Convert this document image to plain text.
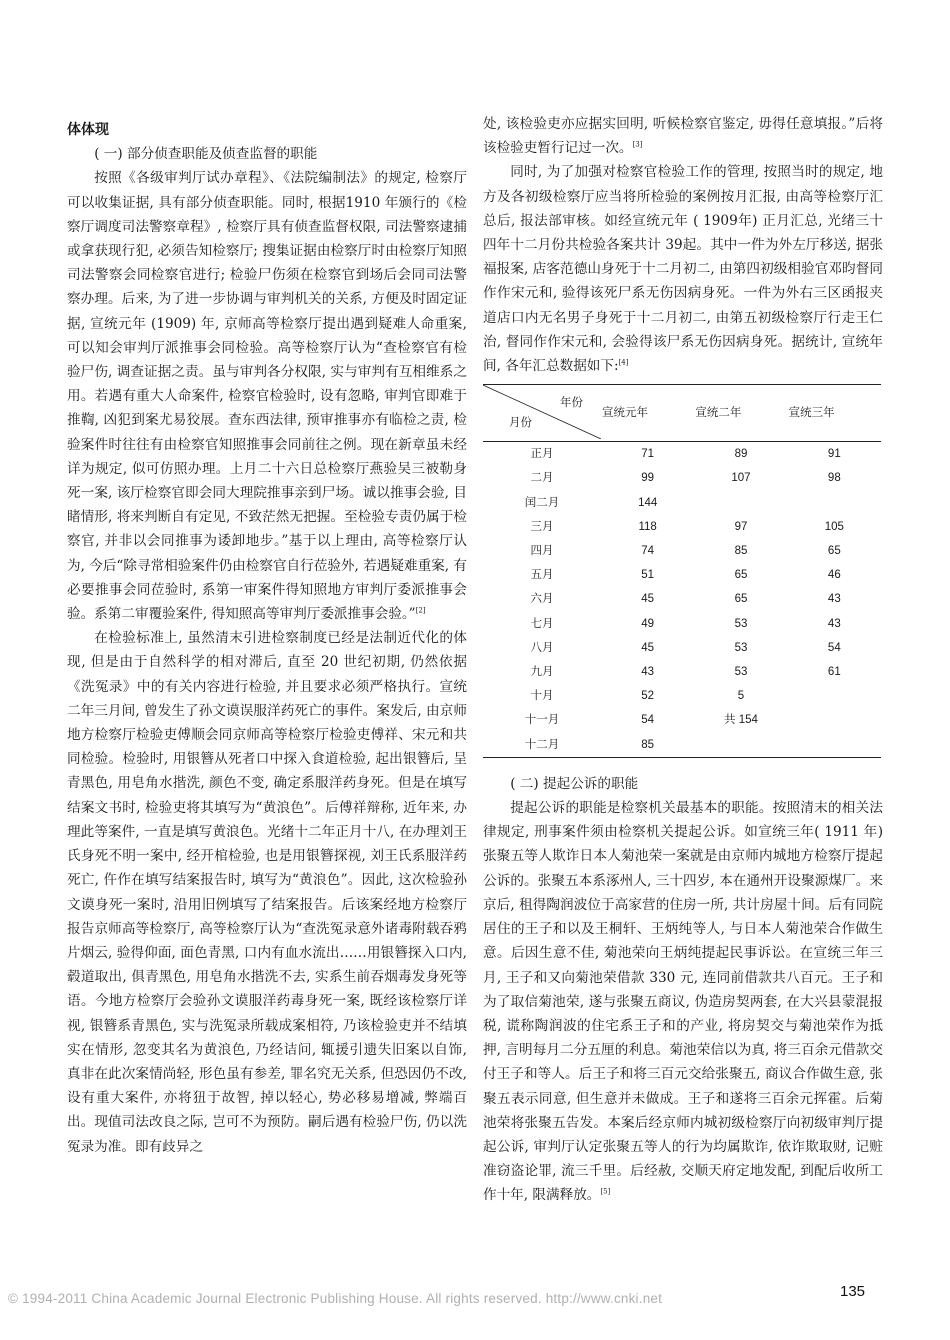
体体现

( 一) 部分侦查职能及侦查监督的职能

按照《各级审判厅试办章程》、《法院编制法》的规定, 检察厅可以收集证据, 具有部分侦查职能。同时, 根据1910 年颁行的《检察厅调度司法警察章程》, 检察厅具有侦查监督权限, 司法警察逮捕或拿获现行犯, 必须告知检察厅; 搜集证据由检察厅时由检察厅知照司法警察会同检察官进行; 检验尸伤须在检察官到场后会同司法警察办理。后来, 为了进一步协调与审判机关的关系, 方便及时固定证据, 宣统元年 (1909) 年, 京师高等检察厅提出遇到疑难人命重案, 可以知会审判厅派推事会同检验。高等检察厅认为“查检察官有检验尸伤, 调查证据之责。虽与审判各分权限, 实与审判有互相维系之用。若遇有重大人命案件, 检察官检验时, 设有忽略, 审判官即难于推鞫, 凶犯到案尤易狡展。查东西法律, 预审推事亦有临检之责, 检验案件时往往有由检察官知照推事会同前往之例。现在新章虽未经详为规定, 似可仿照办理。上月二十六日总检察厅燕验吴三被勒身死一案, 该厅检察官即会同大理院推事亲到尸场。诚以推事会验, 目睹情形, 将来判断自有定见, 不致茫然无把握。至检验专责仍属于检察官, 并非以会同推事为诿卸地步。”基于以上理由, 高等检察厅认为, 今后“除寻常相验案件仍由检察官自行莅验外, 若遇疑难重案, 有必要推事会同莅验时, 系第一审案件得知照地方审判厅委派推事会验。系第二审覆验案件, 得知照高等审判厅委派推事会验。”[2]

在检验标准上, 虽然清末引进检察制度已经是法制近代化的体现, 但是由于自然科学的相对滞后, 直至 20 世纪初期, 仍然依据《洗冤录》中的有关内容进行检验, 并且要求必须严格执行。宣统二年三月间, 曾发生了孙文谟误服洋药死亡的事件。案发后, 由京师地方检察厅检验吏傅顺会同京师高等检察厅检验吏傅祥、宋元和共同检验。检验时, 用银簪从死者口中探入食道检验, 起出银簪后, 呈青黑色, 用皂角水揩洗, 颜色不变, 确定系服洋药身死。但是在填写结案文书时, 检验吏将其填写为“黄浪色”。后傅祥辩称, 近年来, 办理此等案件, 一直是填写黄浪色。光绪十二年正月十八, 在办理刘王氏身死不明一案中, 经开棺检验, 也是用银簪探视, 刘王氏系服洋药死亡, 仵作在填写结案报告时, 填写为“黄浪色”。因此, 这次检验孙文谟身死一案时, 沿用旧例填写了结案报告。后该案经地方检察厅报告京师高等检察厅, 高等检察厅认为“查洗冤录意外诸毒附载吞鸦片烟云, 验得仰面, 面色青黑, 口内有血水流出……用银簪探入口内, 毂道取出, 俱青黑色, 用皂角水揩洗不去, 实系生前吞烟毒发身死等语。今地方检察厅会验孙文谟服洋药毒身死一案, 既经该检察厅详视, 银簪系青黑色, 实与洗冤录所载成案相符, 乃该检验吏并不结填实在情形, 忽变其名为黄浪色, 乃经诘问, 辄援引遗失旧案以自饰, 真非在此次案情尚轻, 形色虽有参差, 罪名究无关系, 但恐因仍不改, 设有重大案件, 亦将狃于故智, 掉以轻心, 势必移易增减, 弊端百出。现值司法改良之际, 岂可不为预防。嗣后遇有检验尸伤, 仍以洗冤录为准。即有歧异之

处, 该检验吏亦应据实回明, 听候检察官鉴定, 毋得任意填报。”后将该检验吏暂行记过一次。[3]

同时, 为了加强对检察官检验工作的管理, 按照当时的规定, 地方及各初级检察厅应当将所检验的案例按月汇报, 由高等检察厅汇总后, 报法部审核。如经宣统元年 ( 1909年) 正月汇总, 光绪三十四年十二月份共检验各案共计 39起。其中一件为外左厅移送, 据张福报案, 店客范德山身死于十二月初二, 由第四初级相验官邓昀督同作作宋元和, 验得该死尸系无伤因病身死。一件为外右三区函报夹道店口内无名男子身死于十二月初二, 由第五初级检察厅行走王仁治, 督同作作宋元和, 会验得该尸系无伤因病身死。据统计, 宣统年间, 各年汇总数据如下:[4]

年份
月份	宣统元年	宣统二年	宣统三年
正月	71	89	91
二月	99	107	98
闰二月	144		
三月	118	97	105
四月	74	85	65
五月	51	65	46
六月	45	65	43
七月	49	53	43
八月	45	53	54
九月	43	53	61
十月	52	5	
十一月	54	共 154	
十二月	85		

( 二) 提起公诉的职能

提起公诉的职能是检察机关最基本的职能。按照清末的相关法律规定, 刑事案件须由检察机关提起公诉。如宣统三年( 1911 年) 张聚五等人欺诈日本人菊池荣一案就是由京师内城地方检察厅提起公诉的。张聚五本系涿州人, 三十四岁, 本在通州开设聚源煤厂。来京后, 租得陶润波位于高家营的住房一所, 共计房屋十间。后有同院居住的王子和以及王桐轩、王炳纯等人, 与日本人菊池荣合作做生意。后因生意不佳, 菊池荣向王炳纯提起民事诉讼。在宣统三年三月, 王子和又向菊池荣借款 330 元, 连同前借款共八百元。王子和为了取信菊池荣, 遂与张聚五商议, 伪造房契两套, 在大兴县蒙混报税, 谎称陶润波的住宅系王子和的产业, 将房契交与菊池荣作为抵押, 言明每月二分五厘的利息。菊池荣信以为真, 将三百余元借款交付王子和等人。后王子和将三百元交给张聚五, 商议合作做生意, 张聚五表示同意, 但生意并未做成。王子和遂将三百余元挥霍。后菊池荣将张聚五告发。本案后经京师内城初级检察厅向初级审判厅提起公诉, 审判厅认定张聚五等人的行为均属欺诈, 依诈欺取财, 记赃准窃盗论罪, 流三千里。后经赦, 交顺天府定地发配, 到配后收所工作十年, 限满释放。[5]

135
© 1994-2011 China Academic Journal Electronic Publishing House. All rights reserved. http://www.cnki.net
